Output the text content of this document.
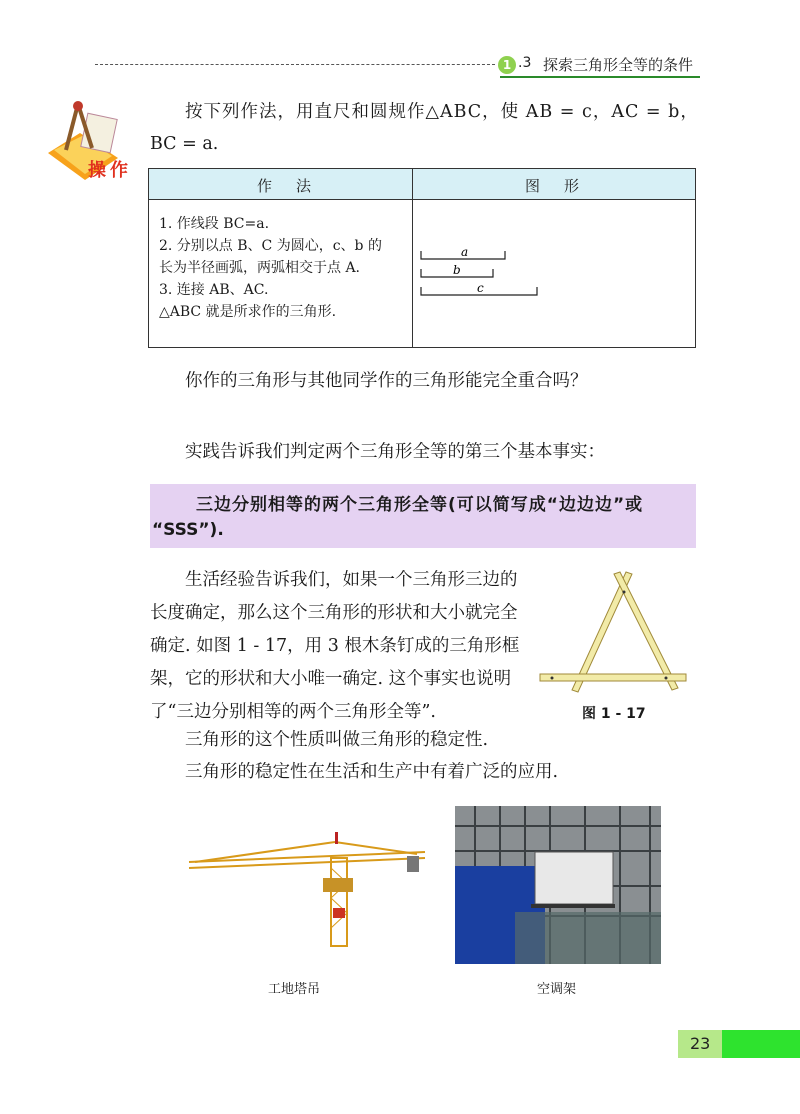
1 .3 探索三角形全等的条件
操作
按下列作法，用直尺和圆规作△ABC，使 AB = c，AC = b，
BC = a.
作法	图形
1. 作线段 BC=a.
2. 分别以点 B、C 为圆心，c、b 的
长为半径画弧，两弧相交于点 A.
3. 连接 AB、AC.
△ABC 就是所求作的三角形.
a
b
c
你作的三角形与其他同学作的三角形能完全重合吗？
实践告诉我们判定两个三角形全等的第三个基本事实：
三边分别相等的两个三角形全等(可以简写成“边边边”或
“SSS”).
生活经验告诉我们，如果一个三角形三边的
长度确定，那么这个三角形的形状和大小就完全
确定. 如图 1 - 17，用 3 根木条钉成的三角形框
架，它的形状和大小唯一确定. 这个事实也说明
了“三边分别相等的两个三角形全等”.	图 1 - 17
三角形的这个性质叫做三角形的稳定性.
三角形的稳定性在生活和生产中有着广泛的应用.
工地塔吊	空调架
23
